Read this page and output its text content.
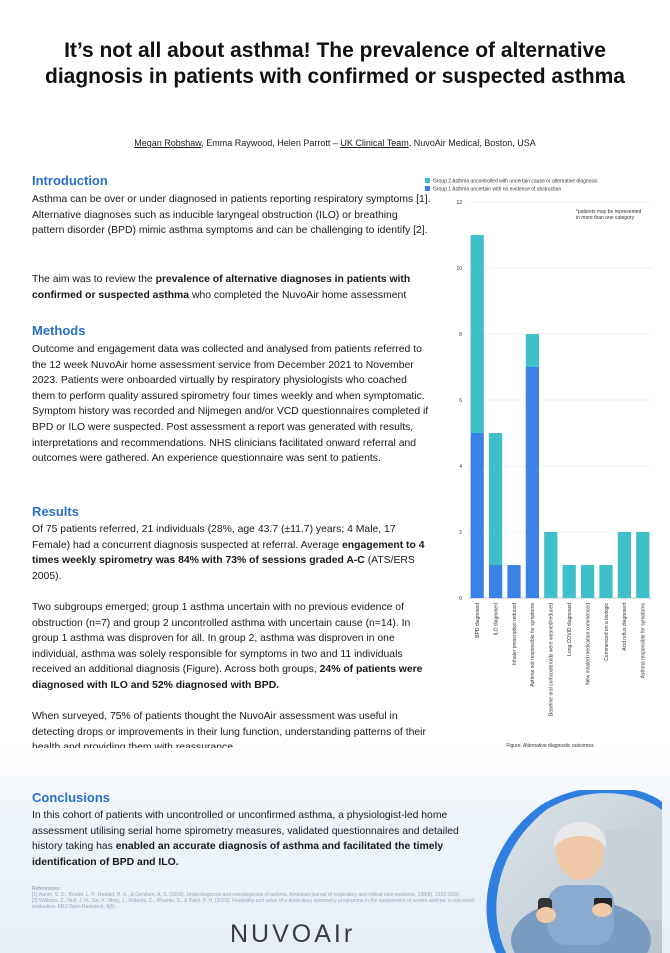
It’s not all about asthma! The prevalence of alternative diagnosis in patients with confirmed or suspected asthma
Megan Robshaw, Emma Raywood, Helen Parrott – UK Clinical Team, NuvoAir Medical, Boston, USA
Introduction
Asthma can be over or under diagnosed in patients reporting respiratory symptoms [1]. Alternative diagnoses such as inducible laryngeal obstruction (ILO) or breathing pattern disorder (BPD) mimic asthma symptoms and can be challenging to identify [2].
The aim was to review the prevalence of alternative diagnoses in patients with confirmed or suspected asthma who completed the NuvoAir home assessment
Methods
Outcome and engagement data was collected and analysed from patients referred to the 12 week NuvoAir home assessment service from December 2021 to November 2023. Patients were onboarded virtually by respiratory physiologists who coached them to perform quality assured spirometry four times weekly and when symptomatic. Symptom history was recorded and Nijmegen and/or VCD questionnaires completed if BPD or ILO were suspected. Post assessment a report was generated with results, interpretations and recommendations. NHS clinicians facilitated onward referral and outcomes were gathered. An experience questionnaire was sent to patients.
Results
Of 75 patients referred, 21 individuals (28%, age 43.7 (±11.7) years; 4 Male, 17 Female) had a concurrent diagnosis suspected at referral. Average engagement to 4 times weekly spirometry was 84% with 73% of sessions graded A-C (ATS/ERS 2005).
Two subgroups emerged; group 1 asthma uncertain with no previous evidence of obstruction (n=7) and group 2 uncontrolled asthma with uncertain cause (n=14). In group 1 asthma was disproven for all. In group 2, asthma was disproven in one individual, asthma was solely responsible for symptoms in two and 11 individuals received an additional diagnosis (Figure). Across both groups, 24% of patients were diagnosed with ILO and 52% diagnosed with BPD.
When surveyed, 75% of patients thought the NuvoAir assessment was useful in detecting drops or improvements in their lung function, understanding patterns of their
Conclusions
In this cohort of patients with uncontrolled or unconfirmed asthma, a physiologist-led home assessment utilising serial home spirometry measures, validated questionnaires and detailed history taking has enabled an accurate diagnosis of asthma and facilitated the timely identification of BPD and ILO.
References:
[1] Aaron, S. D., Boulet, L. P., Reddel, H. K., & Gershon, A. S. (2018). Underdiagnosis and overdiagnosis of asthma. American journal of respiratory and critical care medicine, 198(8), 1012-1020.
[2] Williams, Z., Hull, J. H., Ge, Y., Ming, J., Roberts, C., Rhamie, S., & Patel, P. H. (2023). Feasibility and value of a domiciliary spirometry programme in the assessment of severe asthma: a real-world evaluation. ERJ Open Research, 9(6).
NUVOAIr
Group 2 Asthma uncontrolled with uncertain cause or alternative diagnosis
Group 1 Asthma uncertain with no evidence of obstruction
0
2
4
6
8
10
12
BPD diagnosed ILO diagnosed Inhaler prescription reduced Asthma not responsible for symptoms Baseline oral corticosteroids were weaned/reduced Long COVID diagnosed New inhaled medication commenced Commenced on a biologic Acid reflux diagnosed Asthma responsible for symptoms
*patients may be represented in more than one category
Figure. Alternative diagnostic outcomes
